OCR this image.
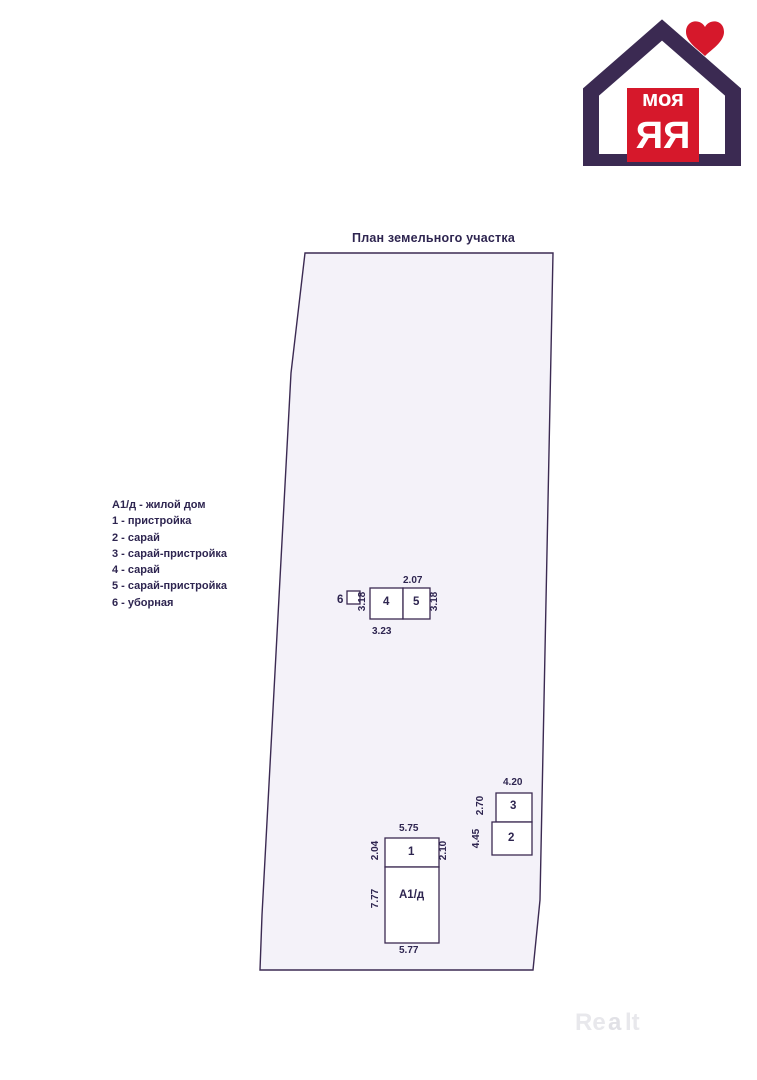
моя
ЯЯ
План земельного участка
A1/д - жилой дом
1 - пристройка
2 - сарай
3 - сарай-пристройка
4 - сарай
5 - сарай-пристройка
6 - уборная	6	4 5
3
2
1
A1/д
2.07
3.18	3.18
3.23
4.20
2.70
4.45
5.75
2.04	2.10
7.77
5.77
Re a lt
